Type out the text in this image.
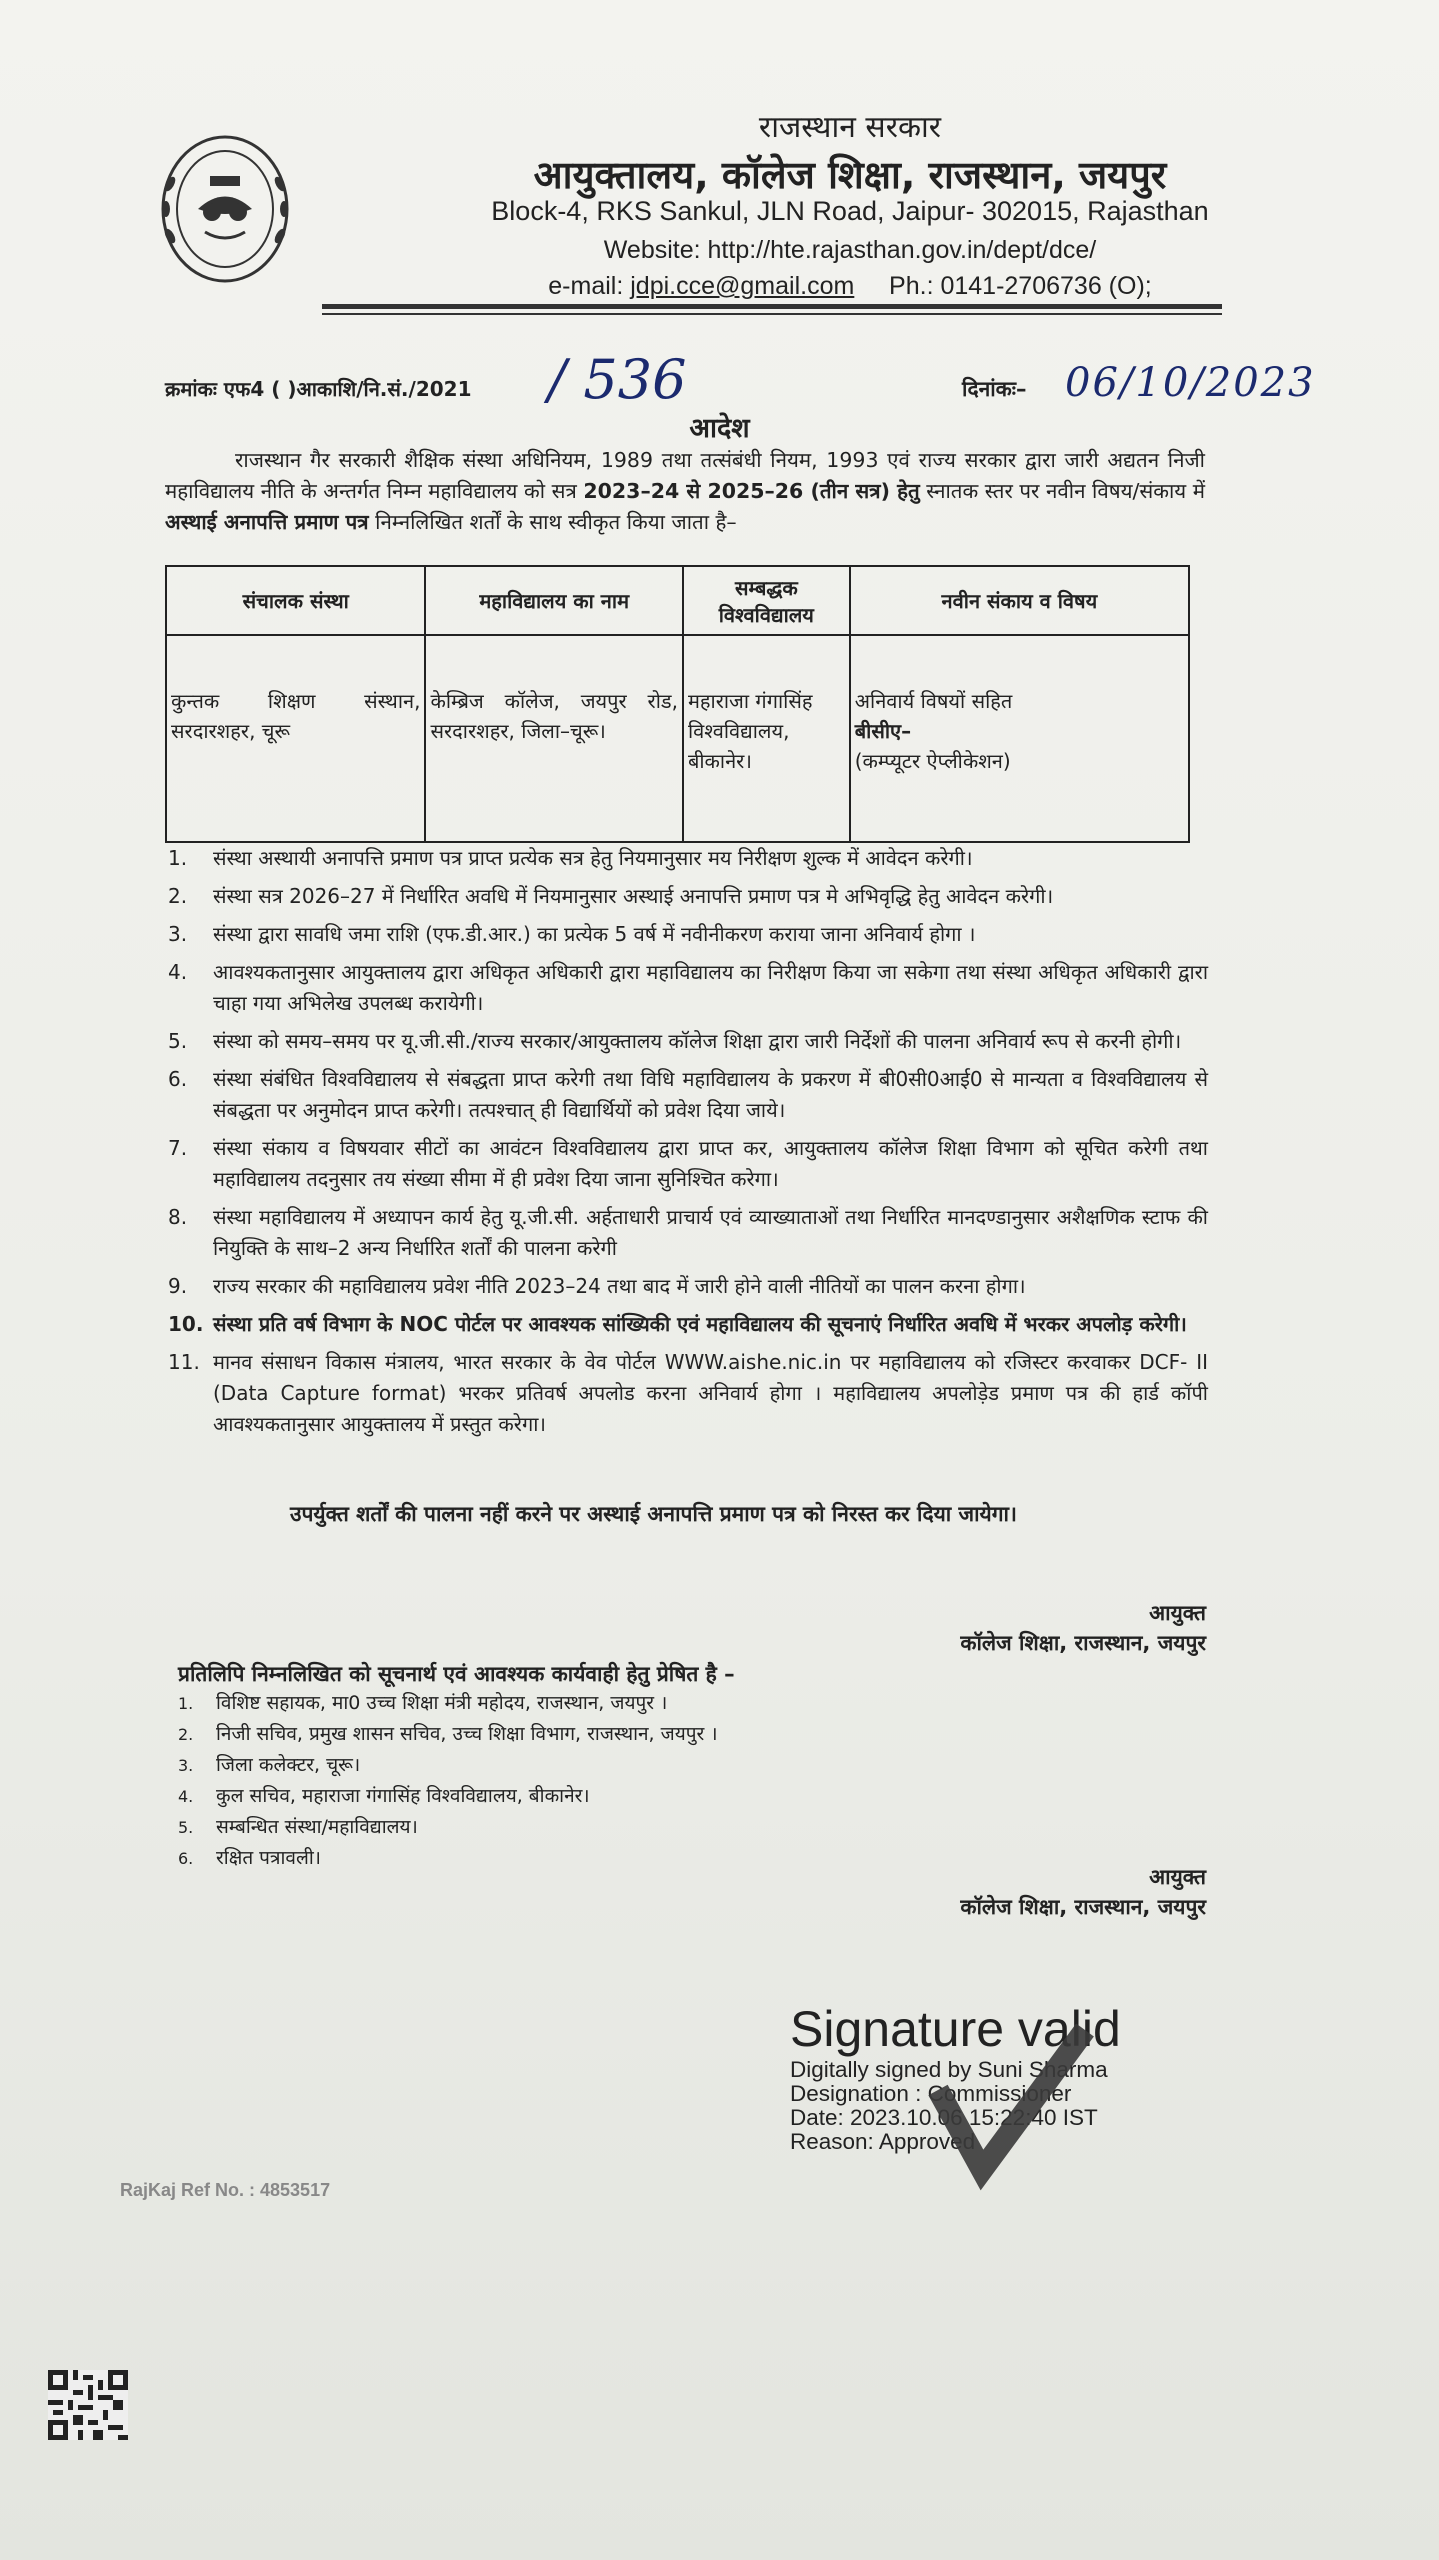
राजस्थान सरकार
आयुक्तालय, कॉलेज शिक्षा, राजस्थान, जयपुर
Block-4, RKS Sankul, JLN Road, Jaipur- 302015, Rajasthan
Website: http://hte.rajasthan.gov.in/dept/dce/
e-mail: jdpi.cce@gmail.com Ph.: 0141-2706736 (O);
क्रमांकः एफ4 ( )आकाशि/नि.सं./2021 / 536	दिनांकः– 06/10/2023
आदेश
राजस्थान गैर सरकारी शैक्षिक संस्था अधिनियम, 1989 तथा तत्संबंधी नियम, 1993 एवं राज्य सरकार द्वारा जारी अद्यतन निजी महाविद्यालय नीति के अन्तर्गत निम्न महाविद्यालय को सत्र 2023–24 से 2025–26 (तीन सत्र) हेतु स्नातक स्तर पर नवीन विषय/संकाय में अस्थाई अनापत्ति प्रमाण पत्र निम्नलिखित शर्तों के साथ स्वीकृत किया जाता है–
संचालक संस्था	महाविद्यालय का नाम	सम्बद्धक विश्वविद्यालय	नवीन संकाय व विषय
कुन्तक शिक्षण संस्थान, सरदारशहर, चूरू	केम्ब्रिज कॉलेज, जयपुर रोड, सरदारशहर, जिला–चूरू।	महाराजा गंगासिंह विश्वविद्यालय, बीकानेर।	अनिवार्य विषयों सहित
बीसीए–
(कम्प्यूटर ऐप्लीकेशन)
1.	संस्था अस्थायी अनापत्ति प्रमाण पत्र प्राप्त प्रत्येक सत्र हेतु नियमानुसार मय निरीक्षण शुल्क में आवेदन करेगी।
2.	संस्था सत्र 2026–27 में निर्धारित अवधि में नियमानुसार अस्थाई अनापत्ति प्रमाण पत्र मे अभिवृद्धि हेतु आवेदन करेगी।
3.	संस्था द्वारा सावधि जमा राशि (एफ.डी.आर.) का प्रत्येक 5 वर्ष में नवीनीकरण कराया जाना अनिवार्य होगा ।
4.	आवश्यकतानुसार आयुक्तालय द्वारा अधिकृत अधिकारी द्वारा महाविद्यालय का निरीक्षण किया जा सकेगा तथा संस्था अधिकृत अधिकारी द्वारा चाहा गया अभिलेख उपलब्ध करायेगी।
5.	संस्था को समय–समय पर यू.जी.सी./राज्य सरकार/आयुक्तालय कॉलेज शिक्षा द्वारा जारी निर्देशों की पालना अनिवार्य रूप से करनी होगी।
6.	संस्था संबंधित विश्वविद्यालय से संबद्धता प्राप्त करेगी तथा विधि महाविद्यालय के प्रकरण में बी0सी0आई0 से मान्यता व विश्वविद्यालय से संबद्धता पर अनुमोदन प्राप्त करेगी। तत्पश्चात् ही विद्यार्थियों को प्रवेश दिया जाये।
7.	संस्था संकाय व विषयवार सीटों का आवंटन विश्वविद्यालय द्वारा प्राप्त कर, आयुक्तालय कॉलेज शिक्षा विभाग को सूचित करेगी तथा महाविद्यालय तदनुसार तय संख्या सीमा में ही प्रवेश दिया जाना सुनिश्चित करेगा।
8.	संस्था महाविद्यालय में अध्यापन कार्य हेतु यू.जी.सी. अर्हताधारी प्राचार्य एवं व्याख्याताओं तथा निर्धारित मानदण्डानुसार अशैक्षणिक स्टाफ की नियुक्ति के साथ–2 अन्य निर्धारित शर्तों की पालना करेगी
9.	राज्य सरकार की महाविद्यालय प्रवेश नीति 2023–24 तथा बाद में जारी होने वाली नीतियों का पालन करना होगा।
10. संस्था प्रति वर्ष विभाग के NOC पोर्टल पर आवश्यक सांख्यिकी एवं महाविद्यालय की सूचनाएं निर्धारित अवधि में भरकर अपलोड़ करेगी।
11. मानव संसाधन विकास मंत्रालय, भारत सरकार के वेव पोर्टल WWW.aishe.nic.in पर महाविद्यालय को रजिस्टर करवाकर DCF- II (Data Capture format) भरकर प्रतिवर्ष अपलोड करना अनिवार्य होगा । महाविद्यालय अपलोड़ेड प्रमाण पत्र की हार्ड कॉपी आवश्यकतानुसार आयुक्तालय में प्रस्तुत करेगा।
उपर्युक्त शर्तों की पालना नहीं करने पर अस्थाई अनापत्ति प्रमाण पत्र को निरस्त कर दिया जायेगा।
आयुक्त
कॉलेज शिक्षा, राजस्थान, जयपुर
प्रतिलिपि निम्नलिखित को सूचनार्थ एवं आवश्यक कार्यवाही हेतु प्रेषित है –
1. विशिष्ट सहायक, मा0 उच्च शिक्षा मंत्री महोदय, राजस्थान, जयपुर ।
2. निजी सचिव, प्रमुख शासन सचिव, उच्च शिक्षा विभाग, राजस्थान, जयपुर ।
3. जिला कलेक्टर, चूरू।
4. कुल सचिव, महाराजा गंगासिंह विश्वविद्यालय, बीकानेर।
5. सम्बन्धित संस्था/महाविद्यालय।
6. रक्षित पत्रावली।
आयुक्त
कॉलेज शिक्षा, राजस्थान, जयपुर
Signature valid
Digitally signed by Suni Sharma
Designation : Commissioner
Date: 2023.10.06 15:22:40 IST
Reason: Approved
RajKaj Ref No. : 4853517
